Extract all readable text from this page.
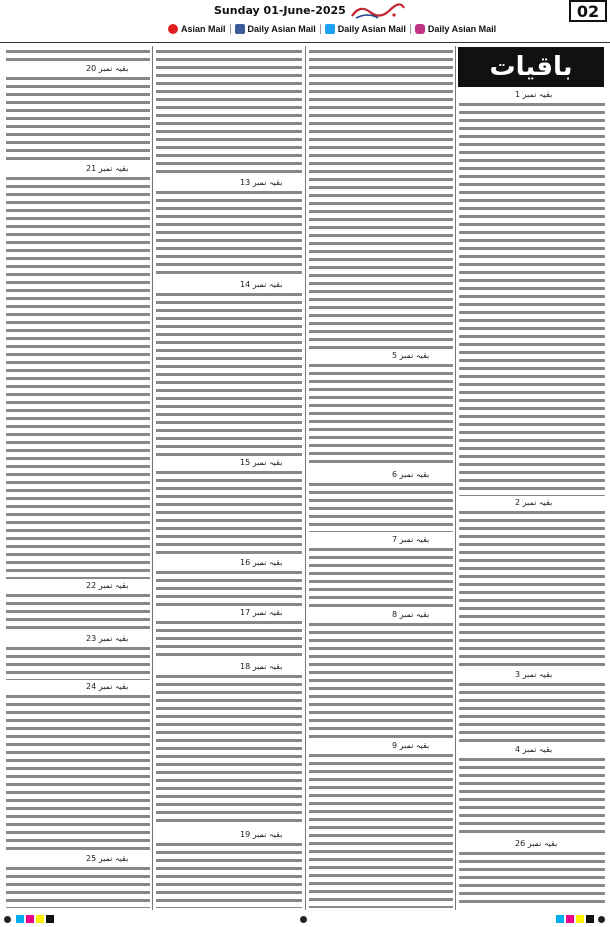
Sunday 01-June-2025	02
Asian Mail Daily Asian Mail Daily Asian Mail Daily Asian Mail
باقیات
بقیہ نمبر 20
بقیہ نمبر 21
بقیہ نمبر 22
بقیہ نمبر 23
بقیہ نمبر 24
بقیہ نمبر 25
بقیہ نمبر 13
بقیہ نمبر 14
بقیہ نمبر 15
بقیہ نمبر 16
بقیہ نمبر 17
بقیہ نمبر 18
بقیہ نمبر 19
بقیہ نمبر 5
بقیہ نمبر 6
بقیہ نمبر 7
بقیہ نمبر 8
بقیہ نمبر 9
بقیہ نمبر 1
بقیہ نمبر 2
بقیہ نمبر 3
بقیہ نمبر 4
بقیہ نمبر 26
